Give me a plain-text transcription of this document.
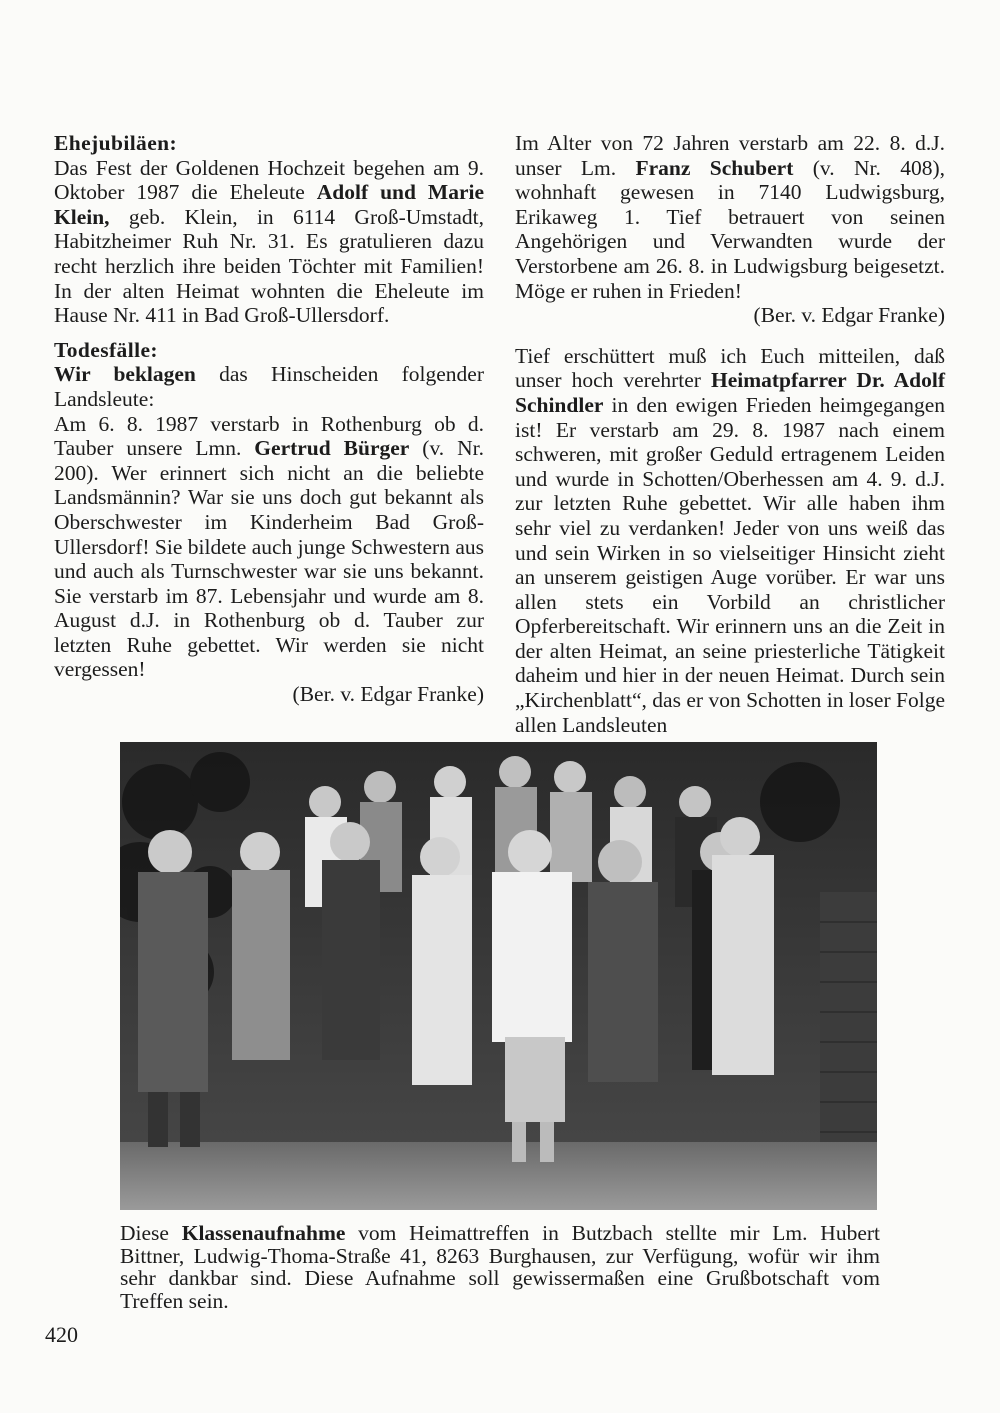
Ehejubiläen:

Das Fest der Goldenen Hochzeit begehen am 9. Oktober 1987 die Eheleute Adolf und Marie Klein, geb. Klein, in 6114 Groß-Umstadt, Habitzheimer Ruh Nr. 31. Es gratulieren dazu recht herzlich ihre beiden Töchter mit Familien! In der alten Heimat wohnten die Eheleute im Hause Nr. 411 in Bad Groß-Ullersdorf.

Todesfälle:

Wir beklagen das Hinscheiden folgender Landsleute:

Am 6. 8. 1987 verstarb in Rothenburg ob d. Tauber unsere Lmn. Gertrud Bürger (v. Nr. 200). Wer erinnert sich nicht an die beliebte Landsmännin? War sie uns doch gut bekannt als Oberschwester im Kinderheim Bad Groß-Ullersdorf! Sie bildete auch junge Schwestern aus und auch als Turnschwester war sie uns bekannt. Sie verstarb im 87. Lebensjahr und wurde am 8. August d.J. in Rothenburg ob d. Tauber zur letzten Ruhe gebettet. Wir werden sie nicht vergessen!

(Ber. v. Edgar Franke)

Im Alter von 72 Jahren verstarb am 22. 8. d.J. unser Lm. Franz Schubert (v. Nr. 408), wohnhaft gewesen in 7140 Ludwigsburg, Erikaweg 1. Tief betrauert von seinen Angehörigen und Verwandten wurde der Verstorbene am 26. 8. in Ludwigsburg beigesetzt. Möge er ruhen in Frieden!

(Ber. v. Edgar Franke)

Tief erschüttert muß ich Euch mitteilen, daß unser hoch verehrter Heimatpfarrer Dr. Adolf Schindler in den ewigen Frieden heimgegangen ist! Er verstarb am 29. 8. 1987 nach einem schweren, mit großer Geduld ertragenem Leiden und wurde in Schotten/Oberhessen am 4. 9. d.J. zur letzten Ruhe gebettet. Wir alle haben ihm sehr viel zu verdanken! Jeder von uns weiß das und sein Wirken in so vielseitiger Hinsicht zieht an unserem geistigen Auge vorüber. Er war uns allen stets ein Vorbild an christlicher Opferbereitschaft. Wir erinnern uns an die Zeit in der alten Heimat, an seine priesterliche Tätigkeit daheim und hier in der neuen Heimat. Durch sein „Kirchenblatt“, das er von Schotten in loser Folge allen Landsleuten

Diese Klassenaufnahme vom Heimattreffen in Butzbach stellte mir Lm. Hubert Bittner, Ludwig-Thoma-Straße 41, 8263 Burghausen, zur Verfügung, wofür wir ihm sehr dankbar sind. Diese Aufnahme soll gewissermaßen eine Grußbotschaft vom Treffen sein.
420
